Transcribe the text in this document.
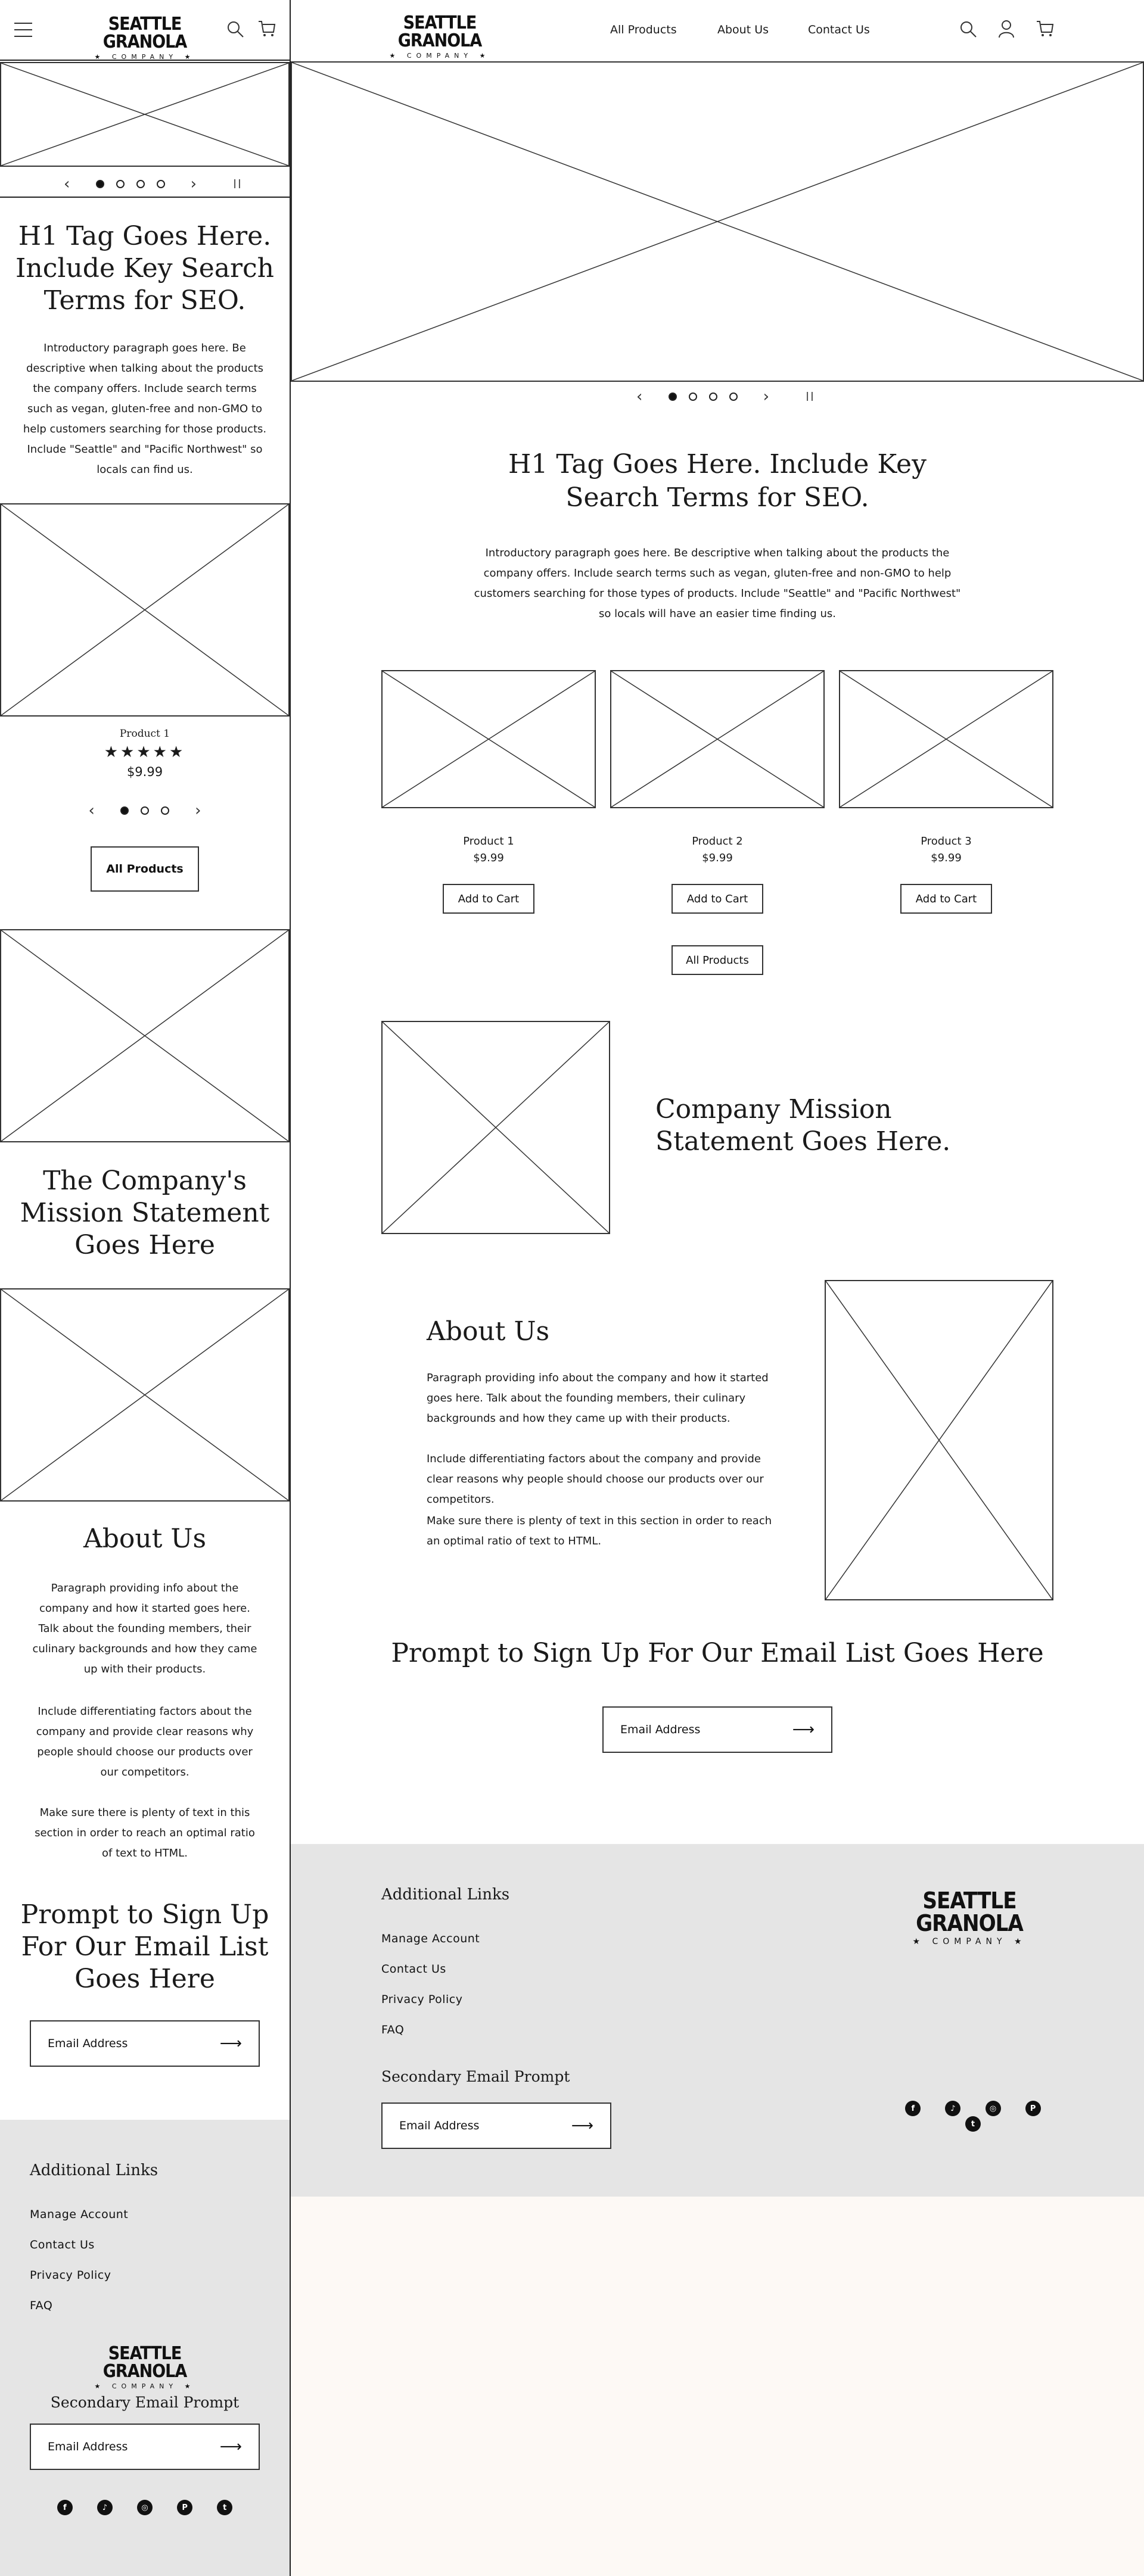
SEATTLE GRANOLA
★ COMPANY ★
‹	›	II
H1 Tag Goes Here. Include Key Search Terms for SEO.
Introductory paragraph goes here. Be descriptive when talking about the products the company offers. Include search terms such as vegan, gluten-free and non-GMO to help customers searching for those products. Include "Seattle" and "Pacific Northwest" so locals can find us.
Product 1
★★★★★
$9.99
‹	›
All Products
The Company's Mission Statement Goes Here
About Us
Paragraph providing info about the company and how it started goes here. Talk about the founding members, their culinary backgrounds and how they came up with their products.
Include differentiating factors about the company and provide clear reasons why people should choose our products over our competitors.
Make sure there is plenty of text in this section in order to reach an optimal ratio of text to HTML.
Prompt to Sign Up For Our Email List Goes Here
Email Address	⟶
Additional Links
Manage Account
Contact Us
Privacy Policy
FAQ
SEATTLE GRANOLA
★ COMPANY ★
Secondary Email Prompt
Email Address	⟶
f	♪	◎	P	t
SEATTLE GRANOLA
★ COMPANY ★
All Products	About Us	Contact Us
‹	›	II
H1 Tag Goes Here. Include Key Search Terms for SEO.
Introductory paragraph goes here. Be descriptive when talking about the products the company offers. Include search terms such as vegan, gluten-free and non-GMO to help customers searching for those types of products. Include "Seattle" and "Pacific Northwest" so locals will have an easier time finding us.
Product 1
$9.99
Add to Cart
Product 2
$9.99
Add to Cart
Product 3
$9.99
Add to Cart
All Products
Company Mission Statement Goes Here.
About Us
Paragraph providing info about the company and how it started goes here. Talk about the founding members, their culinary backgrounds and how they came up with their products.
Include differentiating factors about the company and provide clear reasons why people should choose our products over our competitors.
Make sure there is plenty of text in this section in order to reach an optimal ratio of text to HTML.
Prompt to Sign Up For Our Email List Goes Here
Email Address	⟶
Additional Links
Manage Account
Contact Us
Privacy Policy
FAQ
Secondary Email Prompt
Email Address	⟶
SEATTLE GRANOLA
★ COMPANY ★
f	♪	◎	P t
